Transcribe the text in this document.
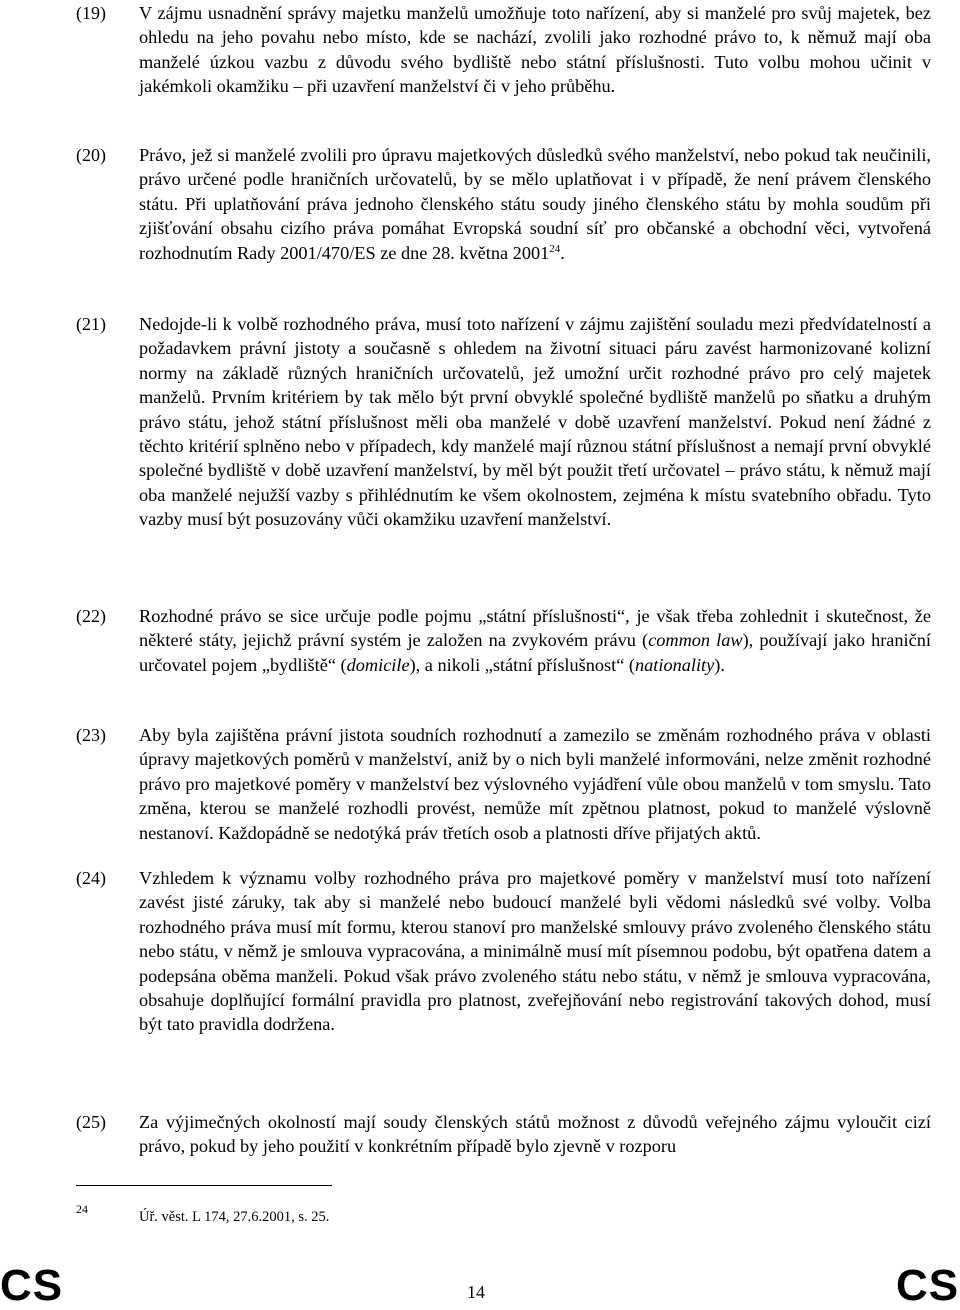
(19) V zájmu usnadnění správy majetku manželů umožňuje toto nařízení, aby si manželé pro svůj majetek, bez ohledu na jeho povahu nebo místo, kde se nachází, zvolili jako rozhodné právo to, k němuž mají oba manželé úzkou vazbu z důvodu svého bydliště nebo státní příslušnosti. Tuto volbu mohou učinit v jakémkoli okamžiku – při uzavření manželství či v jeho průběhu.
(20) Právo, jež si manželé zvolili pro úpravu majetkových důsledků svého manželství, nebo pokud tak neučinili, právo určené podle hraničních určovatelů, by se mělo uplatňovat i v případě, že není právem členského státu. Při uplatňování práva jednoho členského státu soudy jiného členského státu by mohla soudům při zjišťování obsahu cizího práva pomáhat Evropská soudní síť pro občanské a obchodní věci, vytvořená rozhodnutím Rady 2001/470/ES ze dne 28. května 2001$^{24}$.
(21) Nedojde-li k volbě rozhodného práva, musí toto nařízení v zájmu zajištění souladu mezi předvídatelností a požadavkem právní jistoty a současně s ohledem na životní situaci páru zavést harmonizované kolizní normy na základě různých hraničních určovatelů, jež umožní určit rozhodné právo pro celý majetek manželů. Prvním kritériem by tak mělo být první obvyklé společné bydliště manželů po sňatku a druhým právo státu, jehož státní příslušnost měli oba manželé v době uzavření manželství. Pokud není žádné z těchto kritérií splněno nebo v případech, kdy manželé mají různou státní příslušnost a nemají první obvyklé společné bydliště v době uzavření manželství, by měl být použit třetí určovatel – právo státu, k němuž mají oba manželé nejužší vazby s přihlédnutím ke všem okolnostem, zejména k místu svatebního obřadu. Tyto vazby musí být posuzovány vůči okamžiku uzavření manželství.
(22) Rozhodné právo se sice určuje podle pojmu „státní příslušnosti“, je však třeba zohlednit i skutečnost, že některé státy, jejichž právní systém je založen na zvykovém právu (common law), používají jako hraniční určovatel pojem „bydliště“ (domicile), a nikoli „státní příslušnost“ (nationality).
(23) Aby byla zajištěna právní jistota soudních rozhodnutí a zamezilo se změnám rozhodného práva v oblasti úpravy majetkových poměrů v manželství, aniž by o nich byli manželé informováni, nelze změnit rozhodné právo pro majetkové poměry v manželství bez výslovného vyjádření vůle obou manželů v tom smyslu. Tato změna, kterou se manželé rozhodli provést, nemůže mít zpětnou platnost, pokud to manželé výslovně nestanoví. Každopádně se nedotýká práv třetích osob a platnosti dříve přijatých aktů.
(24) Vzhledem k významu volby rozhodného práva pro majetkové poměry v manželství musí toto nařízení zavést jisté záruky, tak aby si manželé nebo budoucí manželé byli vědomi následků své volby. Volba rozhodného práva musí mít formu, kterou stanoví pro manželské smlouvy právo zvoleného členského státu nebo státu, v němž je smlouva vypracována, a minimálně musí mít písemnou podobu, být opatřena datem a podepsána oběma manželi. Pokud však právo zvoleného státu nebo státu, v němž je smlouva vypracována, obsahuje doplňující formální pravidla pro platnost, zveřejňování nebo registrování takových dohod, musí být tato pravidla dodržena.
(25) Za výjimečných okolností mají soudy členských států možnost z důvodů veřejného zájmu vyloučit cizí právo, pokud by jeho použití v konkrétním případě bylo zjevně v rozporu
24	Úř. věst. L 174, 27.6.2001, s. 25.
CS	14	CS
